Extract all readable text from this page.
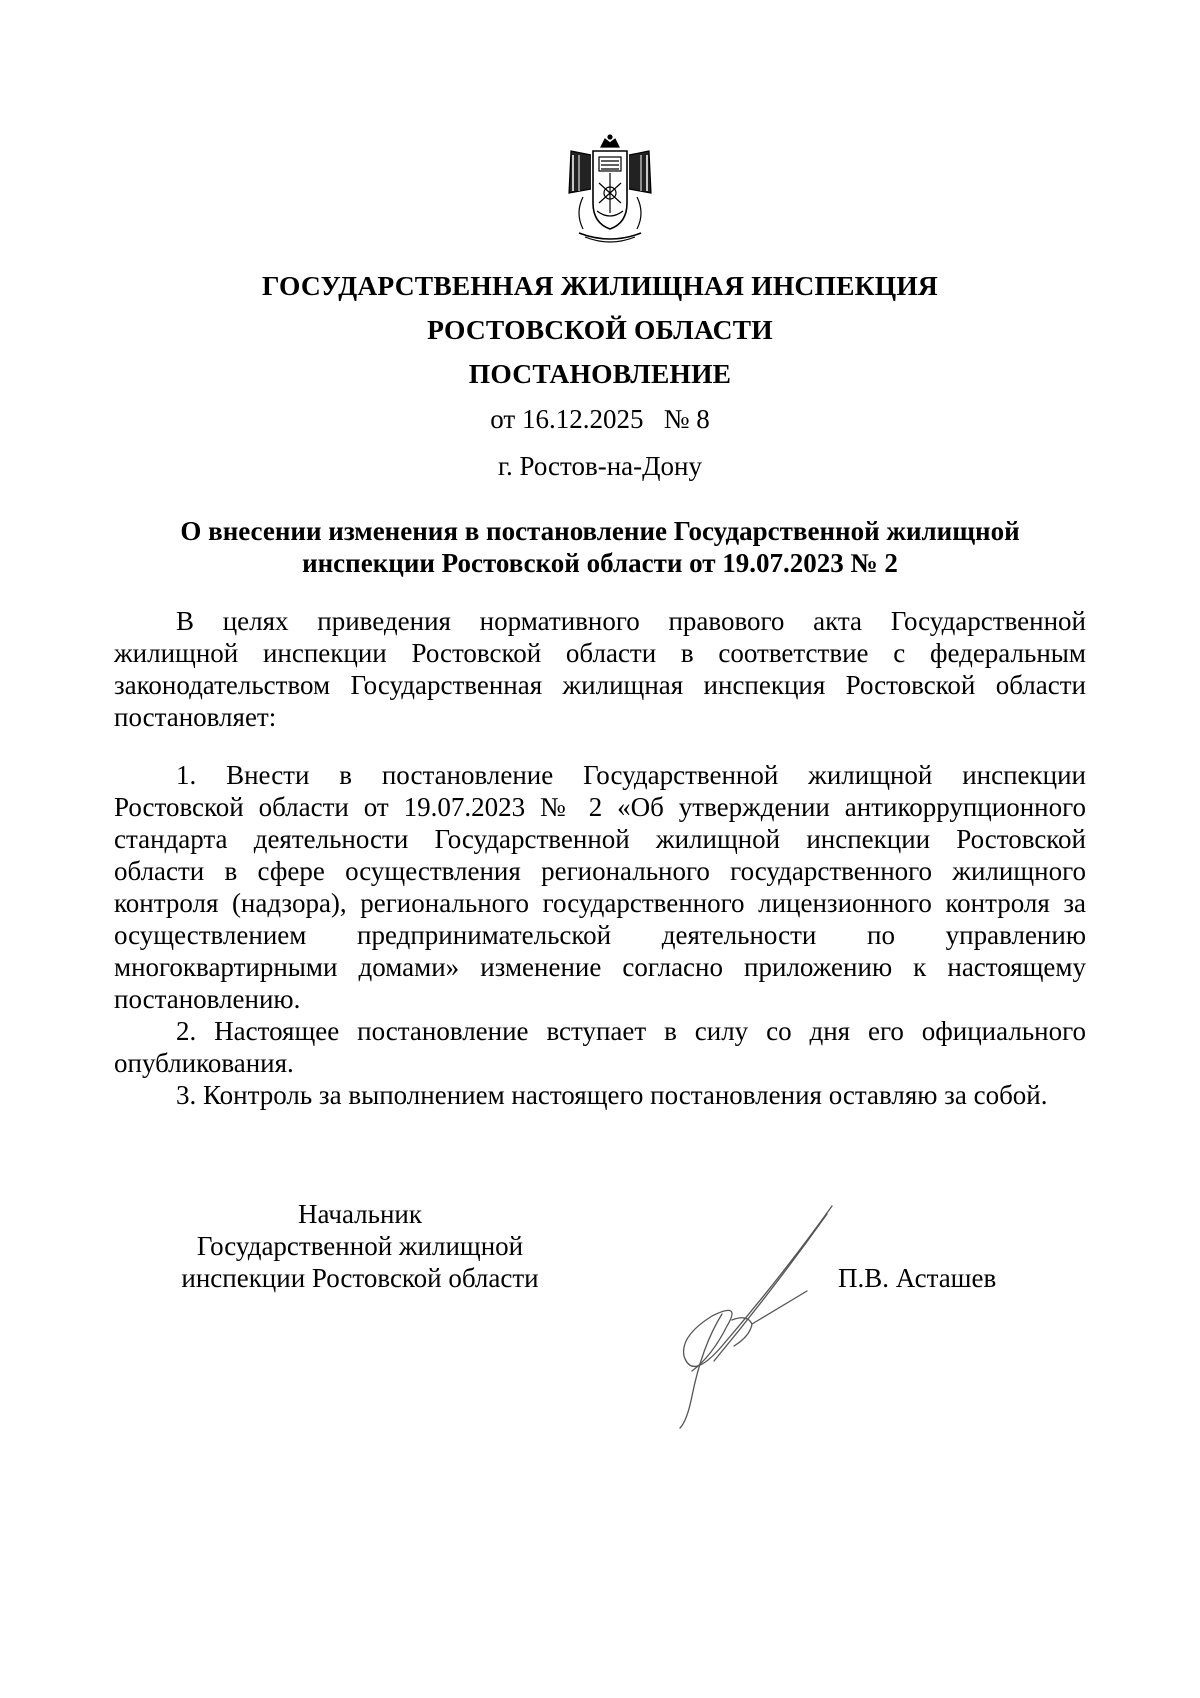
ГОСУДАРСТВЕННАЯ ЖИЛИЩНАЯ ИНСПЕКЦИЯ
РОСТОВСКОЙ ОБЛАСТИ
ПОСТАНОВЛЕНИЕ
от 16.12.2025   № 8
г. Ростов-на-Дону
О внесении изменения в постановление Государственной жилищной
инспекции Ростовской области от 19.07.2023 № 2
В целях приведения нормативного правового акта Государственной
жилищной инспекции Ростовской области в соответствие с федеральным
законодательством Государственная жилищная инспекция Ростовской области
постановляет:
1. Внести в постановление Государственной жилищной инспекции
Ростовской области от 19.07.2023 № 2 «Об утверждении антикоррупционного
стандарта деятельности Государственной жилищной инспекции Ростовской
области в сфере осуществления регионального государственного жилищного
контроля (надзора), регионального государственного лицензионного контроля за
осуществлением предпринимательской деятельности по управлению
многоквартирными домами» изменение согласно приложению к настоящему
постановлению.
2. Настоящее постановление вступает в силу со дня его официального
опубликования.
3. Контроль за выполнением настоящего постановления оставляю за собой.
Начальник
Государственной жилищной
инспекции Ростовской области	П.В. Асташев
